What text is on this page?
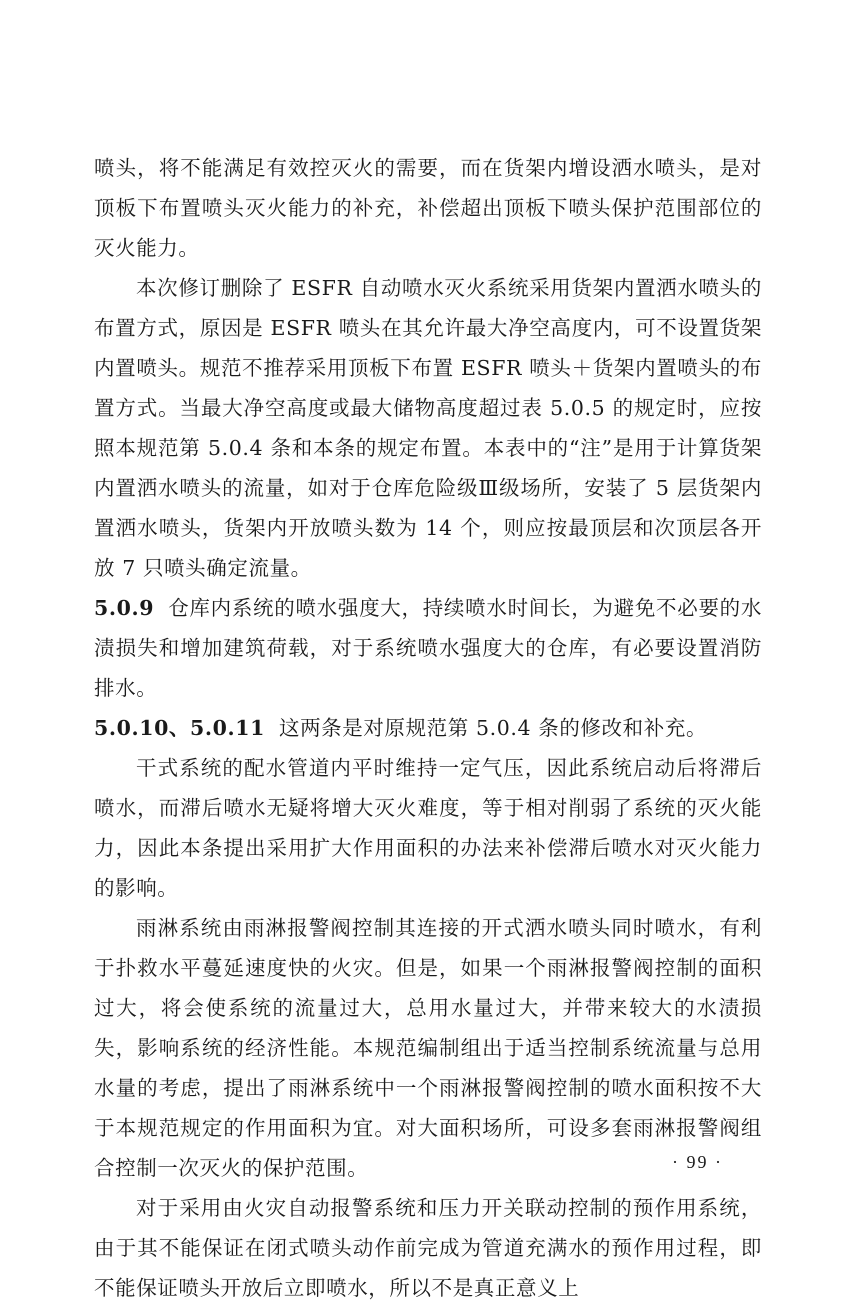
喷头，将不能满足有效控灭火的需要，而在货架内增设洒水喷头，是对顶板下布置喷头灭火能力的补充，补偿超出顶板下喷头保护范围部位的灭火能力。

本次修订删除了 ESFR 自动喷水灭火系统采用货架内置洒水喷头的布置方式，原因是 ESFR 喷头在其允许最大净空高度内，可不设置货架内置喷头。规范不推荐采用顶板下布置 ESFR 喷头＋货架内置喷头的布置方式。当最大净空高度或最大储物高度超过表 5.0.5 的规定时，应按照本规范第 5.0.4 条和本条的规定布置。本表中的“注”是用于计算货架内置洒水喷头的流量，如对于仓库危险级Ⅲ级场所，安装了 5 层货架内置洒水喷头，货架内开放喷头数为 14 个，则应按最顶层和次顶层各开放 7 只喷头确定流量。

5.0.9 仓库内系统的喷水强度大，持续喷水时间长，为避免不必要的水渍损失和增加建筑荷载，对于系统喷水强度大的仓库，有必要设置消防排水。

5.0.10、5.0.11 这两条是对原规范第 5.0.4 条的修改和补充。

干式系统的配水管道内平时维持一定气压，因此系统启动后将滞后喷水，而滞后喷水无疑将增大灭火难度，等于相对削弱了系统的灭火能力，因此本条提出采用扩大作用面积的办法来补偿滞后喷水对灭火能力的影响。

雨淋系统由雨淋报警阀控制其连接的开式洒水喷头同时喷水，有利于扑救水平蔓延速度快的火灾。但是，如果一个雨淋报警阀控制的面积过大，将会使系统的流量过大，总用水量过大，并带来较大的水渍损失，影响系统的经济性能。本规范编制组出于适当控制系统流量与总用水量的考虑，提出了雨淋系统中一个雨淋报警阀控制的喷水面积按不大于本规范规定的作用面积为宜。对大面积场所，可设多套雨淋报警阀组合控制一次灭火的保护范围。

对于采用由火灾自动报警系统和压力开关联动控制的预作用系统，由于其不能保证在闭式喷头动作前完成为管道充满水的预作用过程，即不能保证喷头开放后立即喷水，所以不是真正意义上

· 99 ·
